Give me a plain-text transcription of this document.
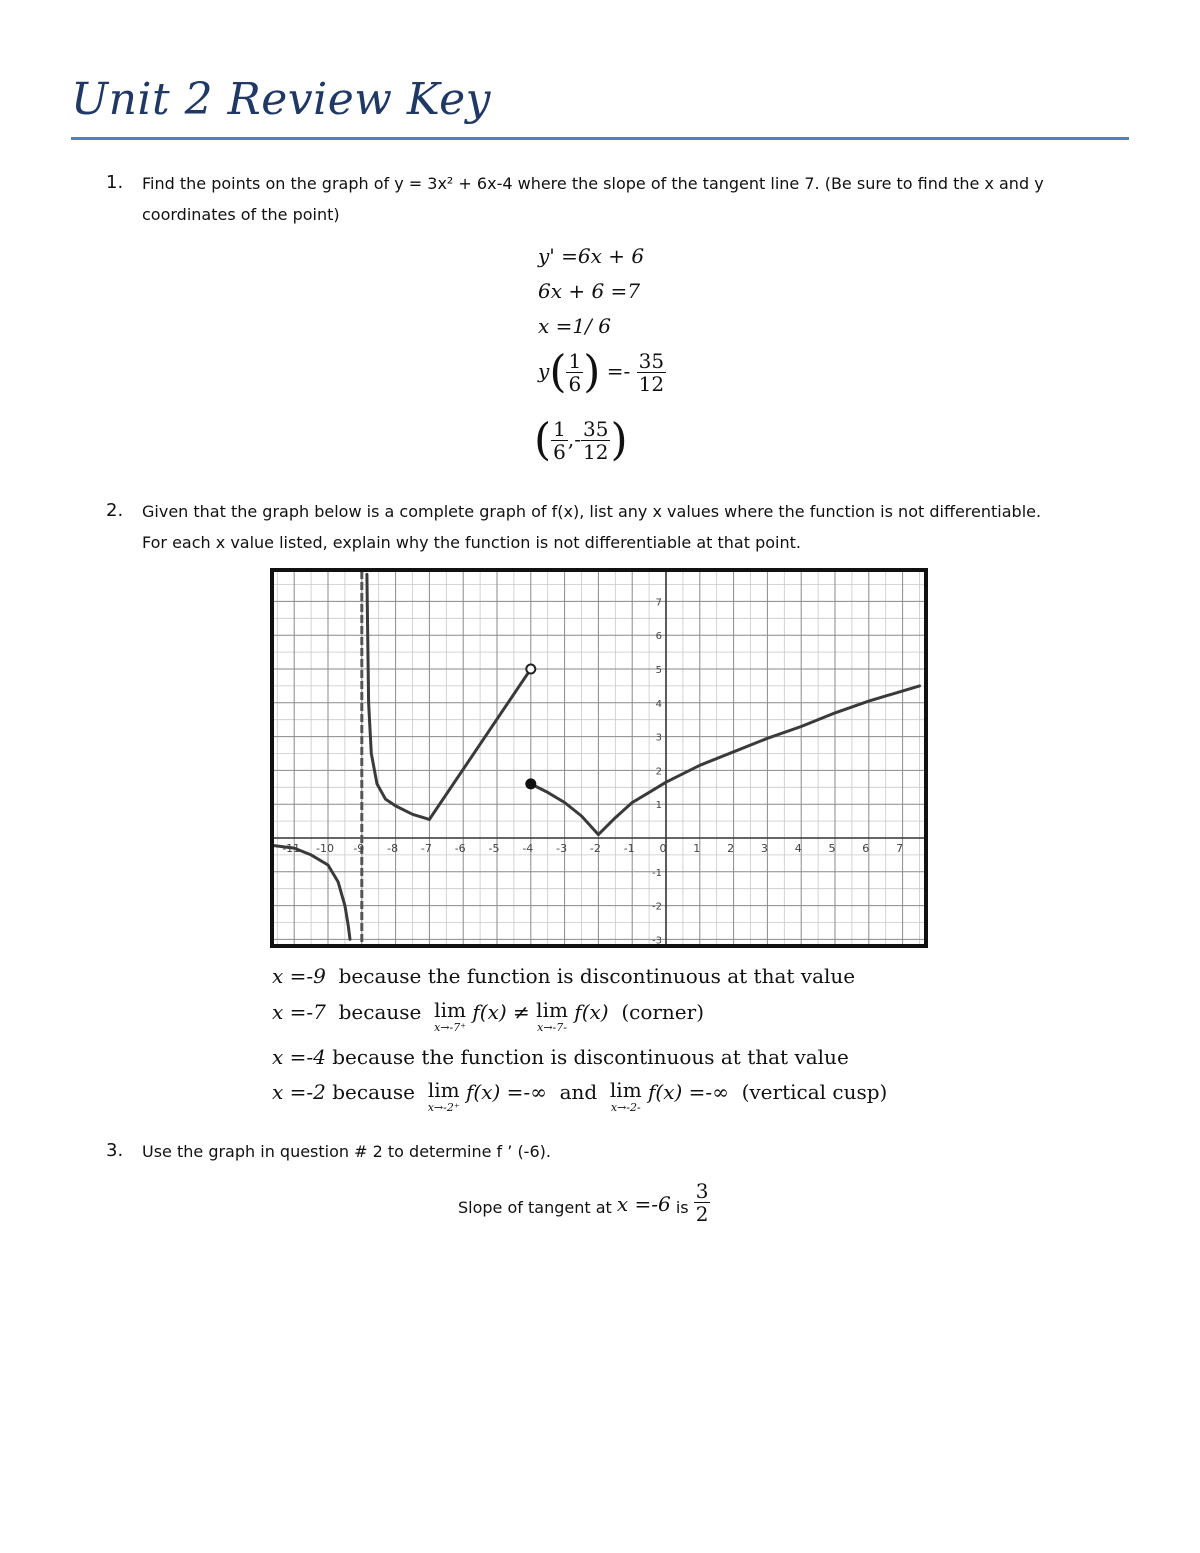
Unit 2 Review Key
1. Find the points on the graph of y = 3x² + 6x-4 where the slope of the tangent line 7. (Be sure to find the x and y
coordinates of the point)
y' =6x + 6
6x + 6 =7
x =1/ 6
$y( \frac{1}{6}$ ) =- $\frac{35}{12}$
( $\frac{1}{6}$ ,- $\frac{35}{12}$ )
2. Given that the graph below is a complete graph of f(x), list any x values where the function is not differentiable.
For each x value listed, explain why the function is not differentiable at that point.
-11 -10 -9 -8 -7 -6 -5 -4 -3 -2 -1 0 1 2 3 4 5 6 7
7
6
5
4
3
2
1
-1
-2
-3
x =-9 because the function is discontinuous at that value
x =-7 because lim
x→-7⁺
f(x) ≠ lim
x→-7-
f(x) (corner)
x =-4 because the function is discontinuous at that value
x =-2 because lim
x→-2⁺
f(x) =-∞ and lim
x→-2-
f(x) =-∞ (vertical cusp)
3. Use the graph in question # 2 to determine f ’ (-6).
Slope of tangent at x =-6 is $\frac{3}{2}$
